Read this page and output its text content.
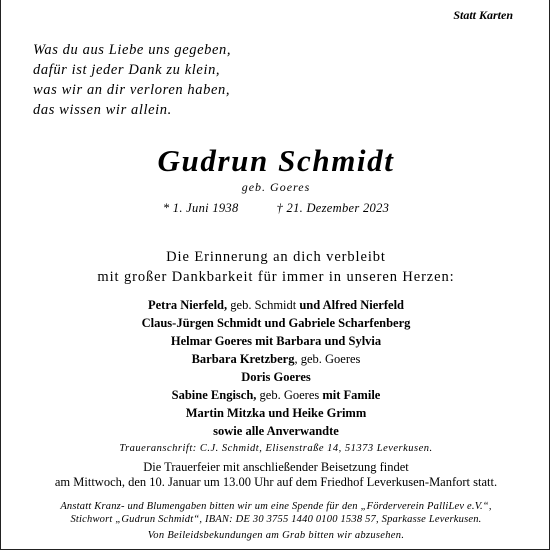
Statt Karten
Was du aus Liebe uns gegeben,
dafür ist jeder Dank zu klein,
was wir an dir verloren haben,
das wissen wir allein.
Gudrun Schmidt
geb. Goeres
* 1. Juni 1938	† 21. Dezember 2023
Die Erinnerung an dich verbleibt
mit großer Dankbarkeit für immer in unseren Herzen:
Petra Nierfeld, geb. Schmidt und Alfred Nierfeld
Claus-Jürgen Schmidt und Gabriele Scharfenberg
Helmar Goeres mit Barbara und Sylvia
Barbara Kretzberg, geb. Goeres
Doris Goeres
Sabine Engisch, geb. Goeres mit Famile
Martin Mitzka und Heike Grimm
sowie alle Anverwandte
Traueranschrift: C.J. Schmidt, Elisenstraße 14, 51373 Leverkusen.
Die Trauerfeier mit anschließender Beisetzung findet
am Mittwoch, den 10. Januar um 13.00 Uhr auf dem Friedhof Leverkusen-Manfort statt.
Anstatt Kranz- und Blumengaben bitten wir um eine Spende für den „Förderverein PalliLev e.V.“,
Stichwort „Gudrun Schmidt“, IBAN: DE 30 3755 1440 0100 1538 57, Sparkasse Leverkusen.
Von Beileidsbekundungen am Grab bitten wir abzusehen.
